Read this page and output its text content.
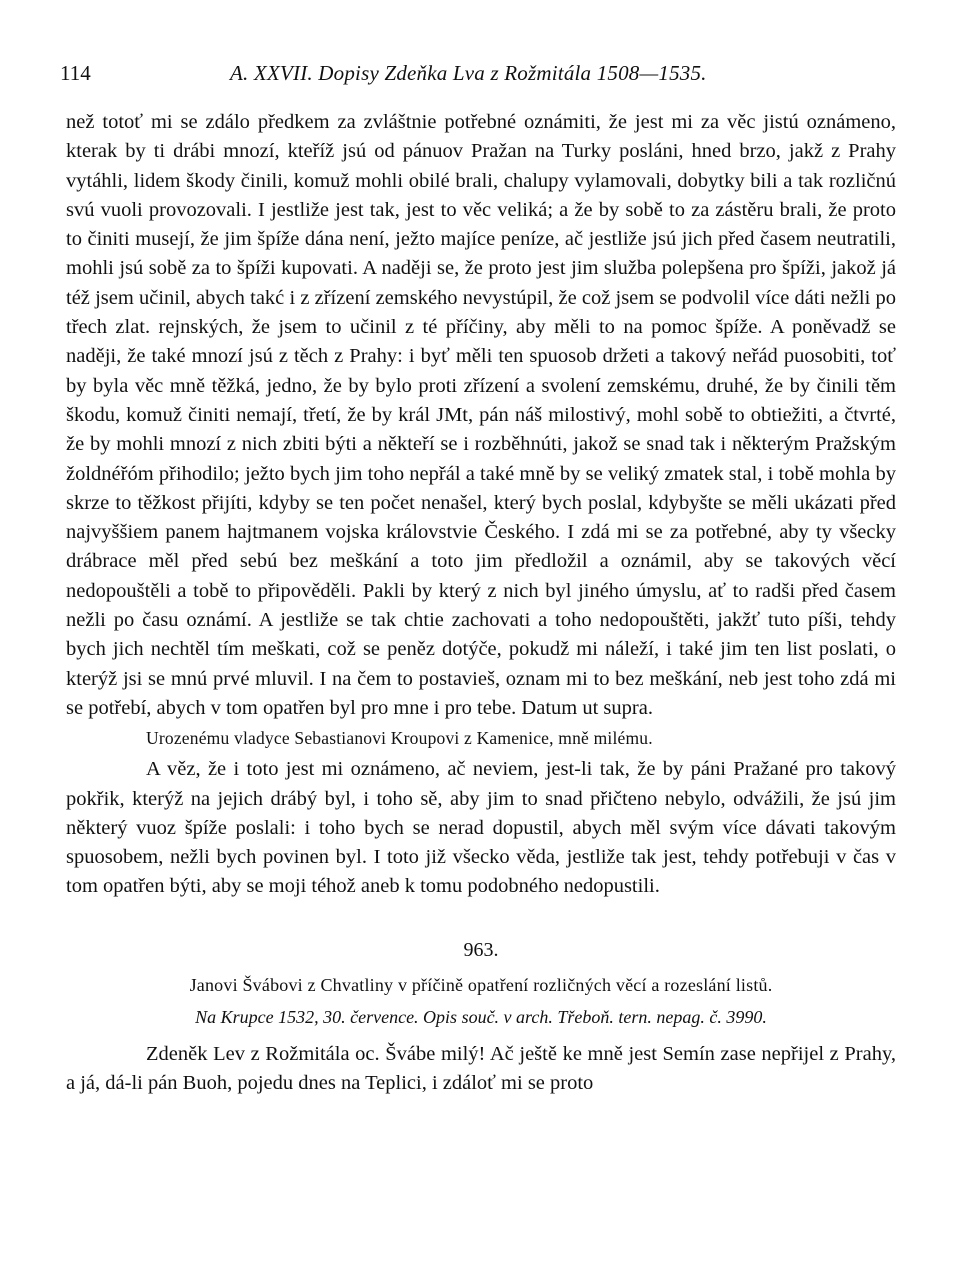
114	A. XXVII. Dopisy Zdeňka Lva z Rožmitála 1508—1535.

než totoť mi se zdálo předkem za zvláštnie potřebné oznámiti, že jest mi za věc jistú oznámeno, kterak by ti drábi mnozí, kteříž jsú od pánuov Pražan na Turky posláni, hned brzo, jakž z Prahy vytáhli, lidem škody činili, komuž mohli obilé brali, chalupy vylamovali, dobytky bili a tak rozličnú svú vuoli provozovali. I jestliže jest tak, jest to věc veliká; a že by sobě to za zástěru brali, že proto to činiti musejí, že jim špíže dána není, ježto majíce peníze, ač jestliže jsú jich před časem neutratili, mohli jsú sobě za to špíži kupovati. A naději se, že proto jest jim služba polepšena pro špíži, jakož já též jsem učinil, abych takć i z zřízení zemského nevystúpil, že což jsem se podvolil více dáti nežli po třech zlat. rejnských, že jsem to učinil z té příčiny, aby měli to na pomoc špíže. A poněvadž se naději, že také mnozí jsú z těch z Prahy: i byť měli ten spuosob držeti a takový neřád puosobiti, toť by byla věc mně těžká, jedno, že by bylo proti zřízení a svolení zemskému, druhé, že by činili těm škodu, komuž činiti nemají, třetí, že by král JMt, pán náš milostivý, mohl sobě to obtiežiti, a čtvrté, že by mohli mnozí z nich zbiti býti a někteří se i rozběhnúti, jakož se snad tak i některým Pražským žoldnéřóm přihodilo; ježto bych jim toho nepřál a také mně by se veliký zmatek stal, i tobě mohla by skrze to těžkost přijíti, kdyby se ten počet nenašel, který bych poslal, kdybyšte se měli ukázati před najvyššiem panem hajtmanem vojska královstvie Českého. I zdá mi se za potřebné, aby ty všecky drábrace měl před sebú bez meškání a toto jim předložil a oznámil, aby se takových věcí nedopouštěli a tobě to připověděli. Pakli by který z nich byl jiného úmyslu, ať to radši před časem nežli po času oznámí. A jestliže se tak chtie zachovati a toho nedopouštěti, jakžť tuto píši, tehdy bych jich nechtěl tím meškati, což se peněz dotýče, pokudž mi náleží, i také jim ten list poslati, o kterýž jsi se mnú prvé mluvil. I na čem to postavieš, oznam mi to bez meškání, neb jest toho zdá mi se potřebí, abych v tom opatřen byl pro mne i pro tebe. Datum ut supra.

Urozenému vladyce Sebastianovi Kroupovi z Kamenice, mně milému.

A věz, že i toto jest mi oznámeno, ač neviem, jest-li tak, že by páni Pražané pro takový pokřik, kterýž na jejich drábý byl, i toho sě, aby jim to snad přičteno nebylo, odvážili, že jsú jim některý vuoz špíže poslali: i toho bych se nerad dopustil, abych měl svým více dávati takovým spuosobem, nežli bych povinen byl. I toto již všecko věda, jestliže tak jest, tehdy potřebuji v čas v tom opatřen býti, aby se moji téhož aneb k tomu podobného nedopustili.

963.
Janovi Švábovi z Chvatliny v příčině opatření rozličných věcí a rozeslání listů.
Na Krupce 1532, 30. července. Opis souč. v arch. Třeboň. tern. nepag. č. 3990.

Zdeněk Lev z Rožmitála oc. Švábe milý! Ač ještě ke mně jest Semín zase nepřijel z Prahy, a já, dá-li pán Buoh, pojedu dnes na Teplici, i zdáloť mi se proto
